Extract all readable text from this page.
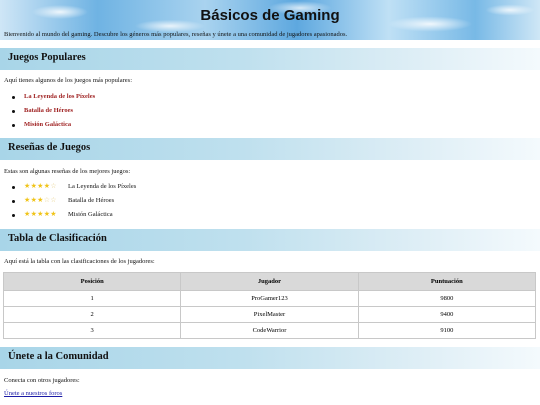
Básicos de Gaming
Bienvenido al mundo del gaming. Descubre los géneros más populares, reseñas y únete a una comunidad de jugadores apasionados.
Juegos Populares
Aquí tienes algunos de los juegos más populares:
La Leyenda de los Píxeles
Batalla de Héroes
Misión Galáctica
Reseñas de Juegos
Estas son algunas reseñas de los mejores juegos:
★★★★☆ La Leyenda de los Píxeles
★★★☆☆ Batalla de Héroes
★★★★★ Misión Galáctica
Tabla de Clasificación
Aquí está la tabla con las clasificaciones de los jugadores:
Posición	Jugador	Puntuación
1	ProGamer123	9800
2	PixelMaster	9400
3	CodeWarrior	9100
Únete a la Comunidad
Conecta con otros jugadores:
Únete a nuestros foros
